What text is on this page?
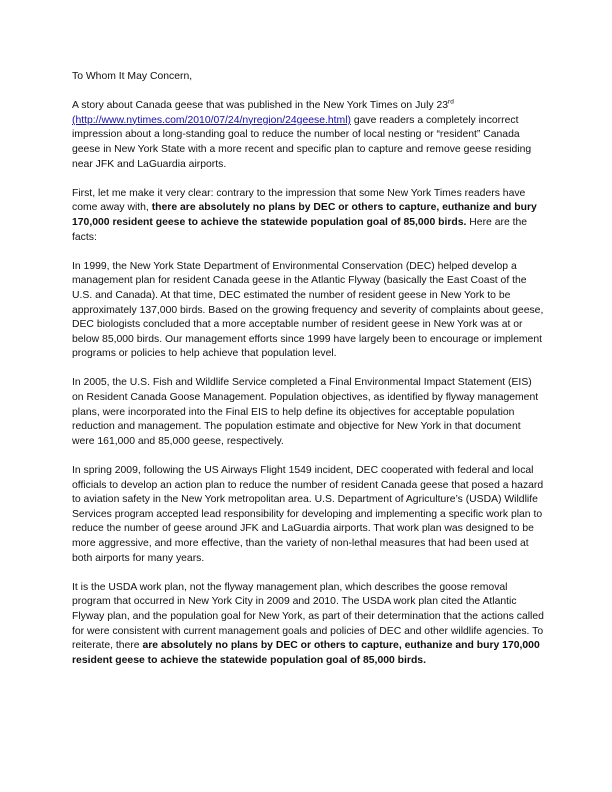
To Whom It May Concern,

A story about Canada geese that was published in the New York Times on July 23rd
(http://www.nytimes.com/2010/07/24/nyregion/24geese.html) gave readers a completely incorrect impression about a long-standing goal to reduce the number of local nesting or “resident” Canada geese in New York State with a more recent and specific plan to capture and remove geese residing near JFK and LaGuardia airports.

First, let me make it very clear: contrary to the impression that some New York Times readers have come away with, there are absolutely no plans by DEC or others to capture, euthanize and bury 170,000 resident geese to achieve the statewide population goal of 85,000 birds. Here are the facts:

In 1999, the New York State Department of Environmental Conservation (DEC) helped develop a management plan for resident Canada geese in the Atlantic Flyway (basically the East Coast of the U.S. and Canada). At that time, DEC estimated the number of resident geese in New York to be approximately 137,000 birds. Based on the growing frequency and severity of complaints about geese, DEC biologists concluded that a more acceptable number of resident geese in New York was at or below 85,000 birds. Our management efforts since 1999 have largely been to encourage or implement programs or policies to help achieve that population level.

In 2005, the U.S. Fish and Wildlife Service completed a Final Environmental Impact Statement (EIS) on Resident Canada Goose Management. Population objectives, as identified by flyway management plans, were incorporated into the Final EIS to help define its objectives for acceptable population reduction and management. The population estimate and objective for New York in that document were 161,000 and 85,000 geese, respectively.

In spring 2009, following the US Airways Flight 1549 incident, DEC cooperated with federal and local officials to develop an action plan to reduce the number of resident Canada geese that posed a hazard to aviation safety in the New York metropolitan area. U.S. Department of Agriculture’s (USDA) Wildlife Services program accepted lead responsibility for developing and implementing a specific work plan to reduce the number of geese around JFK and LaGuardia airports. That work plan was designed to be more aggressive, and more effective, than the variety of non-lethal measures that had been used at both airports for many years.

It is the USDA work plan, not the flyway management plan, which describes the goose removal program that occurred in New York City in 2009 and 2010. The USDA work plan cited the Atlantic Flyway plan, and the population goal for New York, as part of their determination that the actions called for were consistent with current management goals and policies of DEC and other wildlife agencies. To reiterate, there are absolutely no plans by DEC or others to capture, euthanize and bury 170,000 resident geese to achieve the statewide population goal of 85,000 birds.
